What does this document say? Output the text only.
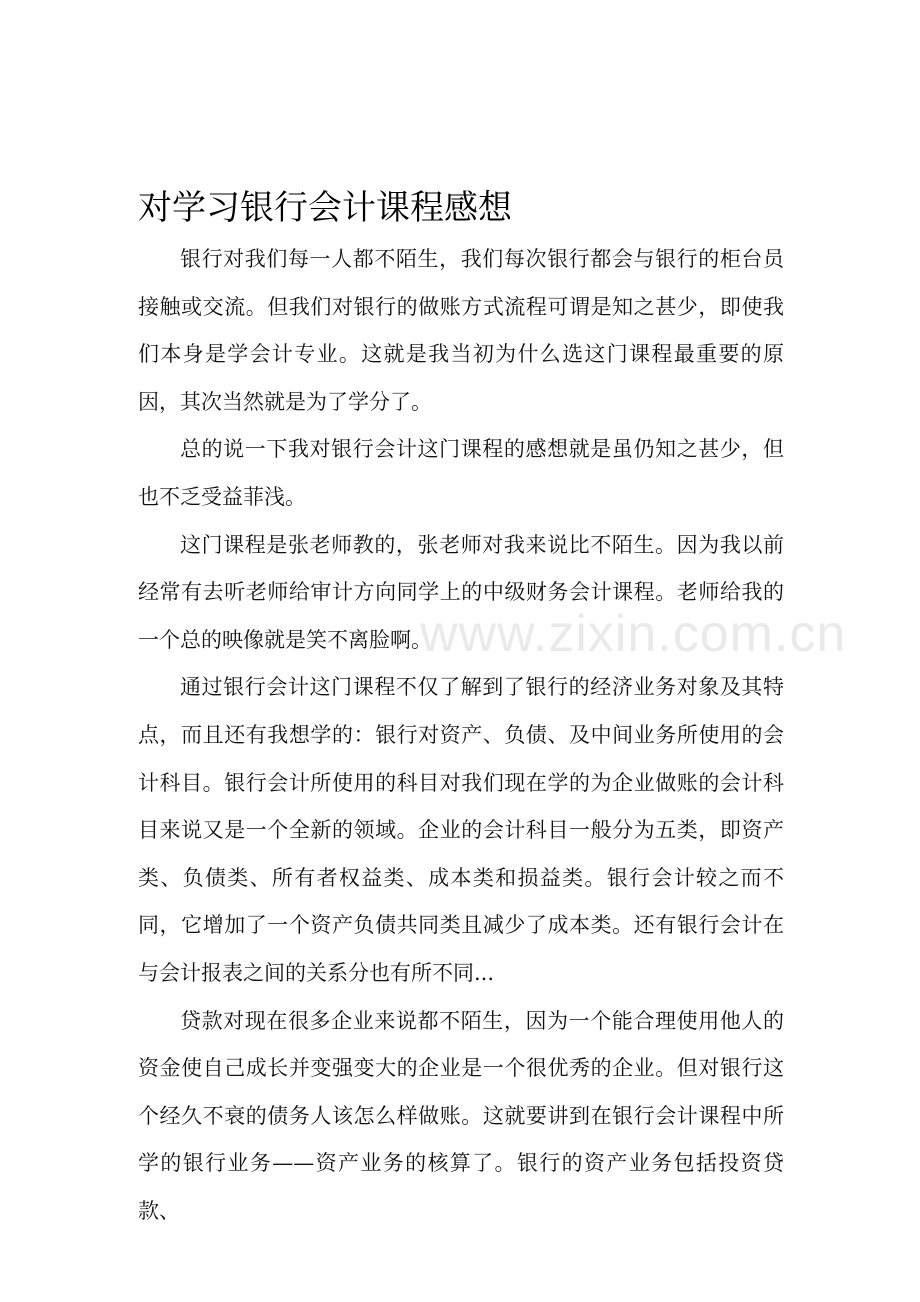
对学习银行会计课程感想

银行对我们每一人都不陌生，我们每次银行都会与银行的柜台员接触或交流。但我们对银行的做账方式流程可谓是知之甚少，即使我们本身是学会计专业。这就是我当初为什么选这门课程最重要的原因，其次当然就是为了学分了。

总的说一下我对银行会计这门课程的感想就是虽仍知之甚少，但也不乏受益菲浅。

这门课程是张老师教的，张老师对我来说比不陌生。因为我以前经常有去听老师给审计方向同学上的中级财务会计课程。老师给我的一个总的映像就是笑不离脸啊。

通过银行会计这门课程不仅了解到了银行的经济业务对象及其特点，而且还有我想学的：银行对资产、负债、及中间业务所使用的会计科目。银行会计所使用的科目对我们现在学的为企业做账的会计科目来说又是一个全新的领域。企业的会计科目一般分为五类，即资产类、负债类、所有者权益类、成本类和损益类。银行会计较之而不同，它增加了一个资产负债共同类且减少了成本类。还有银行会计在与会计报表之间的关系分也有所不同...

贷款对现在很多企业来说都不陌生，因为一个能合理使用他人的资金使自己成长并变强变大的企业是一个很优秀的企业。但对银行这个经久不衰的债务人该怎么样做账。这就要讲到在银行会计课程中所学的银行业务——资产业务的核算了。银行的资产业务包括投资贷款、

www.zixin.com.cn
